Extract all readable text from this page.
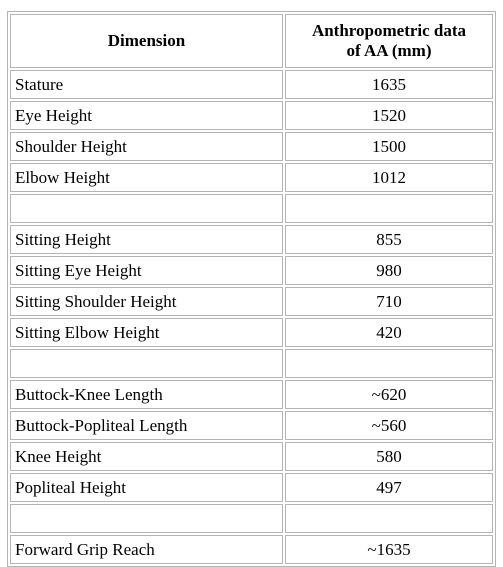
Dimension	Anthropometric data
of AA (mm)
Stature	1635
Eye Height	1520
Shoulder Height	1500
Elbow Height	1012

Sitting Height	855
Sitting Eye Height	980
Sitting Shoulder Height	710
Sitting Elbow Height	420

Buttock-Knee Length	~620
Buttock-Popliteal Length	~560
Knee Height	580
Popliteal Height	497

Forward Grip Reach	~1635
